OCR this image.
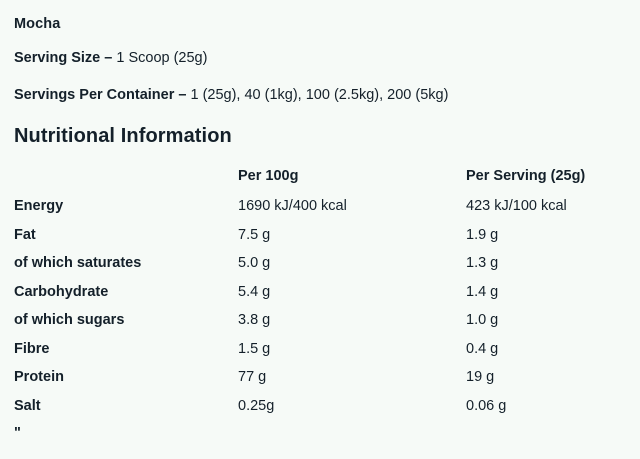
Mocha
Serving Size – 1 Scoop (25g)
Servings Per Container – 1 (25g), 40 (1kg), 100 (2.5kg), 200 (5kg)
Nutritional Information
	Per 100g	Per Serving (25g)
Energy	1690 kJ/400 kcal	423 kJ/100 kcal
Fat	7.5 g	1.9 g
of which saturates	5.0 g	1.3 g
Carbohydrate	5.4 g	1.4 g
of which sugars	3.8 g	1.0 g
Fibre	1.5 g	0.4 g
Protein	77 g	19 g
Salt	0.25g	0.06 g
"
